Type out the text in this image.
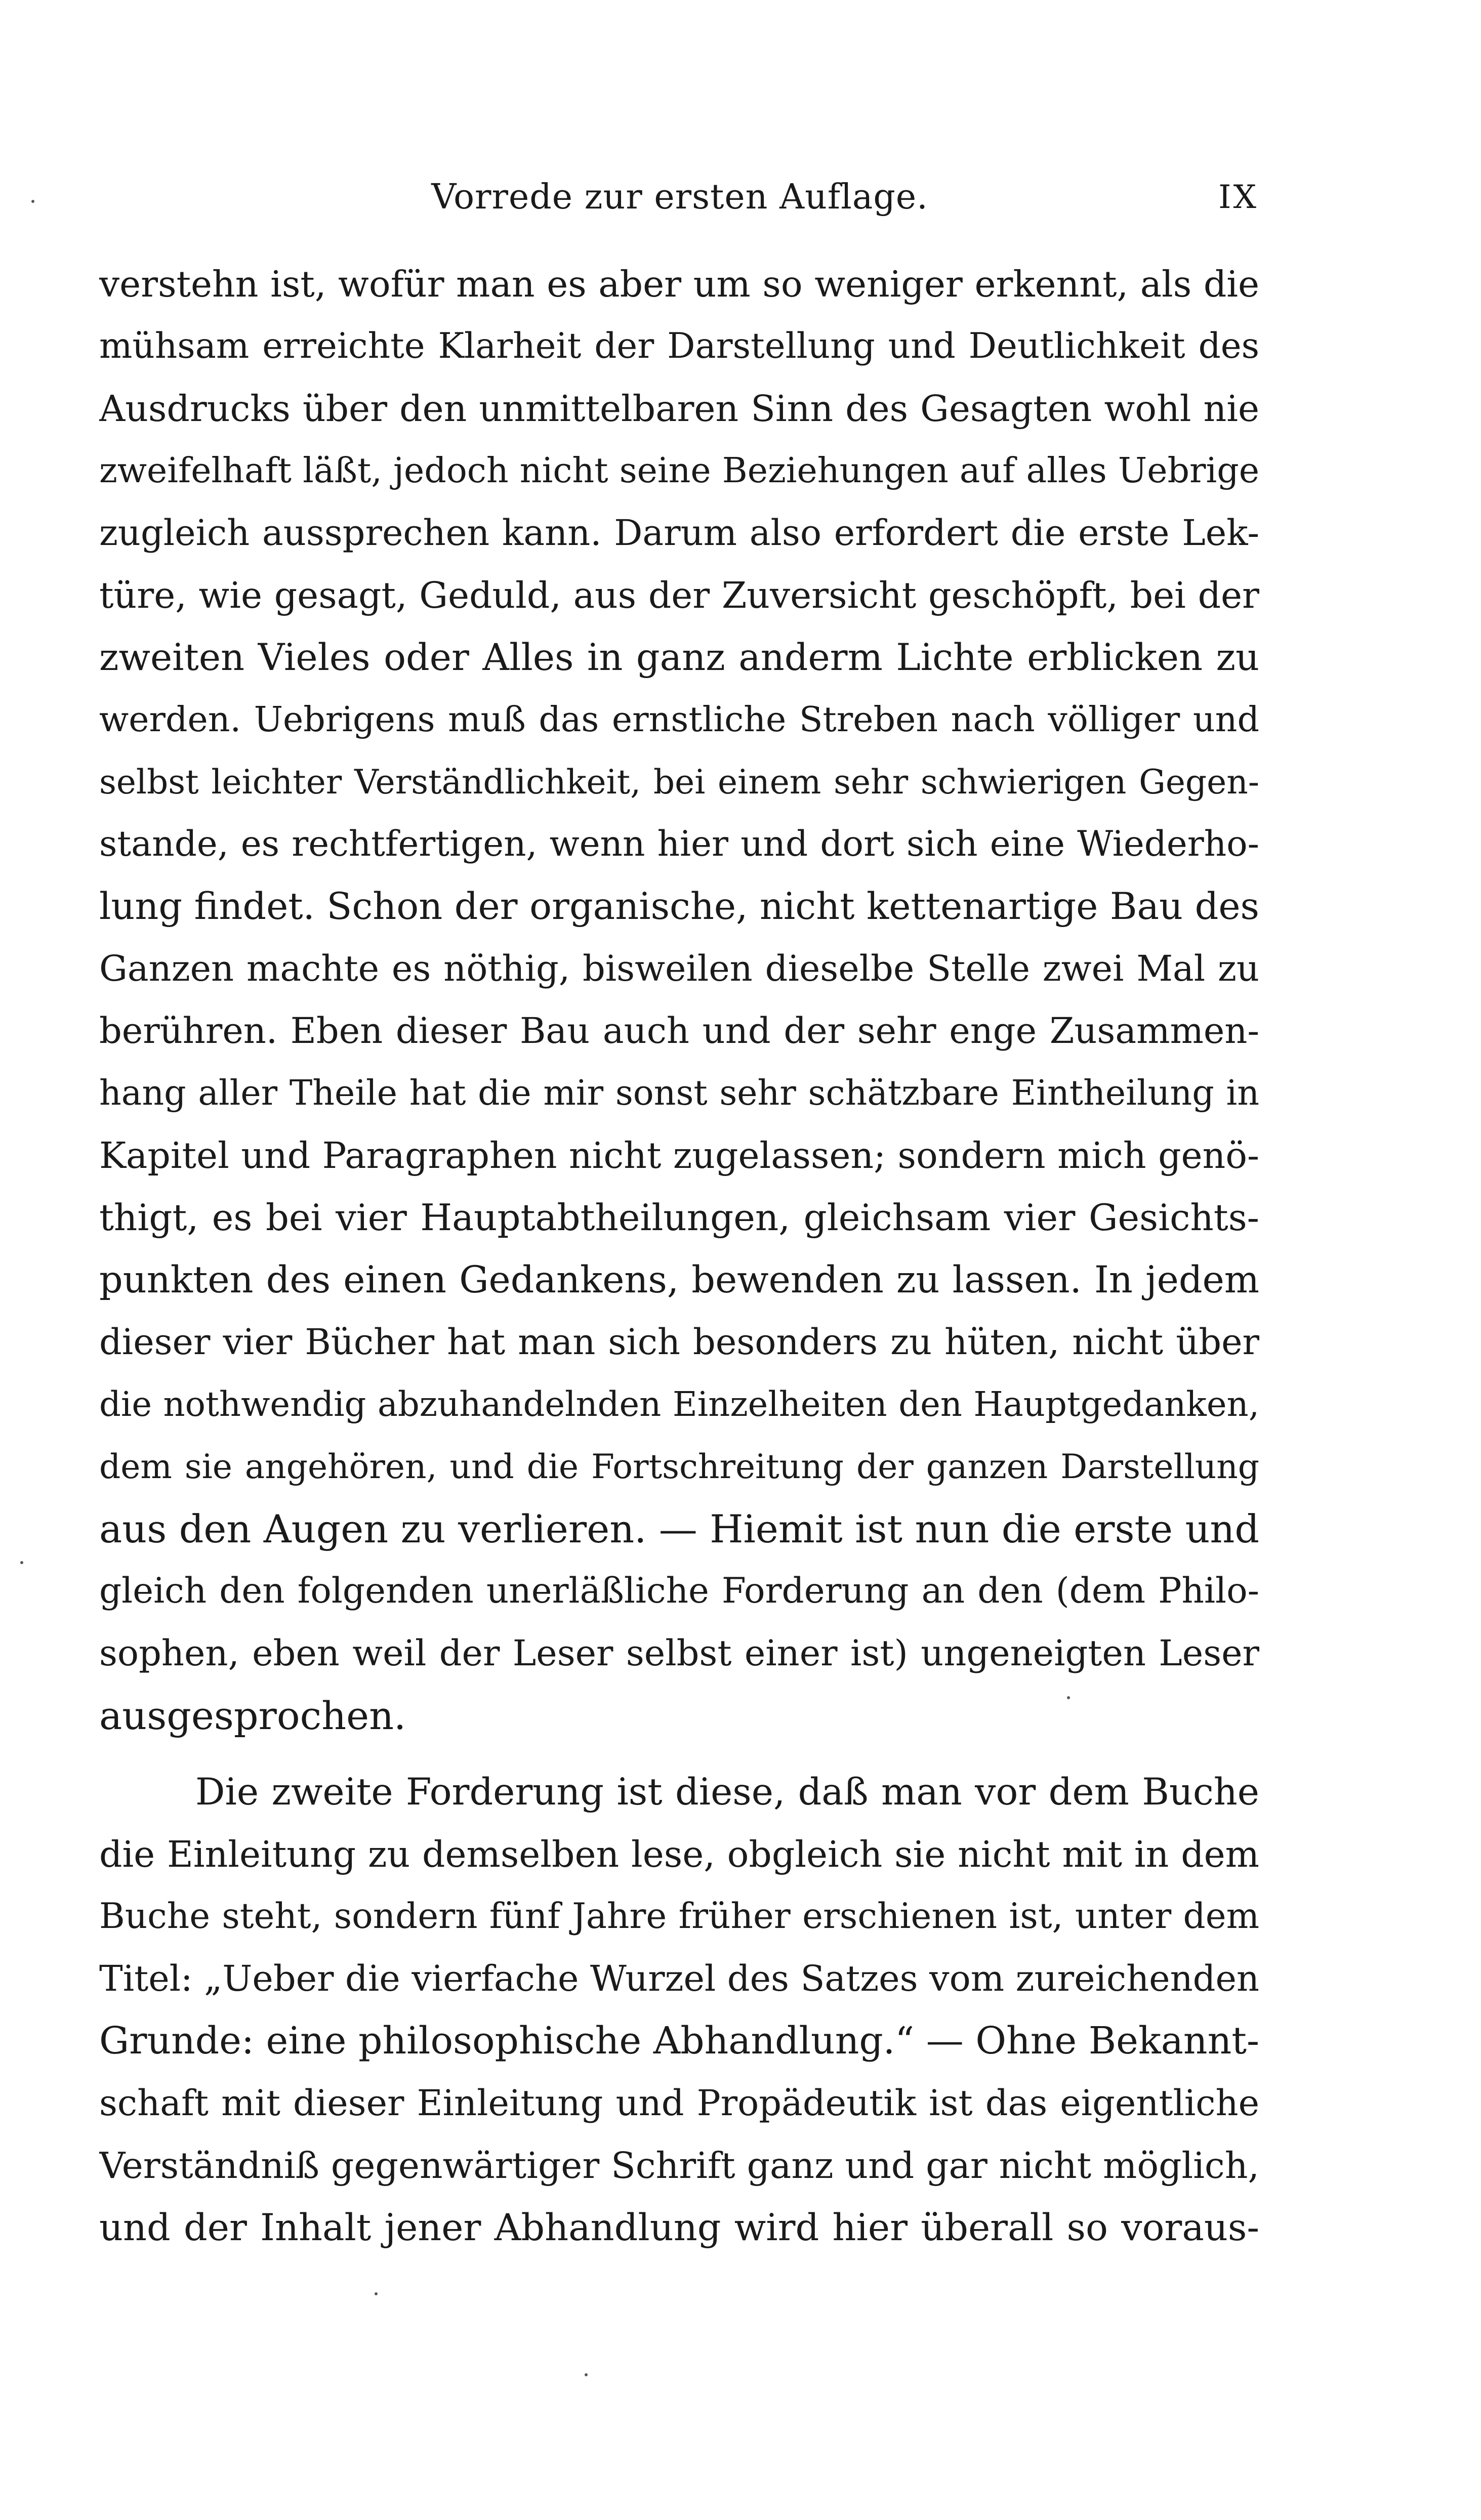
Vorrede zur ersten Auflage.	IX
verstehn ist, wofür man es aber um so weniger erkennt, als die
mühsam erreichte Klarheit der Darstellung und Deutlichkeit des
Ausdrucks über den unmittelbaren Sinn des Gesagten wohl nie
zweifelhaft läßt, jedoch nicht seine Beziehungen auf alles Uebrige
zugleich aussprechen kann. Darum also erfordert die erste Lek-
türe, wie gesagt, Geduld, aus der Zuversicht geschöpft, bei der
zweiten Vieles oder Alles in ganz anderm Lichte erblicken zu
werden. Uebrigens muß das ernstliche Streben nach völliger und
selbst leichter Verständlichkeit, bei einem sehr schwierigen Gegen-
stande, es rechtfertigen, wenn hier und dort sich eine Wiederho-
lung findet. Schon der organische, nicht kettenartige Bau des
Ganzen machte es nöthig, bisweilen dieselbe Stelle zwei Mal zu
berühren. Eben dieser Bau auch und der sehr enge Zusammen-
hang aller Theile hat die mir sonst sehr schätzbare Eintheilung in
Kapitel und Paragraphen nicht zugelassen; sondern mich genö-
thigt, es bei vier Hauptabtheilungen, gleichsam vier Gesichts-
punkten des einen Gedankens, bewenden zu lassen. In jedem
dieser vier Bücher hat man sich besonders zu hüten, nicht über
die nothwendig abzuhandelnden Einzelheiten den Hauptgedanken,
dem sie angehören, und die Fortschreitung der ganzen Darstellung
aus den Augen zu verlieren. — Hiemit ist nun die erste und
gleich den folgenden unerläßliche Forderung an den (dem Philo-
sophen, eben weil der Leser selbst einer ist) ungeneigten Leser
ausgesprochen.
Die zweite Forderung ist diese, daß man vor dem Buche
die Einleitung zu demselben lese, obgleich sie nicht mit in dem
Buche steht, sondern fünf Jahre früher erschienen ist, unter dem
Titel: „Ueber die vierfache Wurzel des Satzes vom zureichenden
Grunde: eine philosophische Abhandlung.“ — Ohne Bekannt-
schaft mit dieser Einleitung und Propädeutik ist das eigentliche
Verständniß gegenwärtiger Schrift ganz und gar nicht möglich,
und der Inhalt jener Abhandlung wird hier überall so voraus-
